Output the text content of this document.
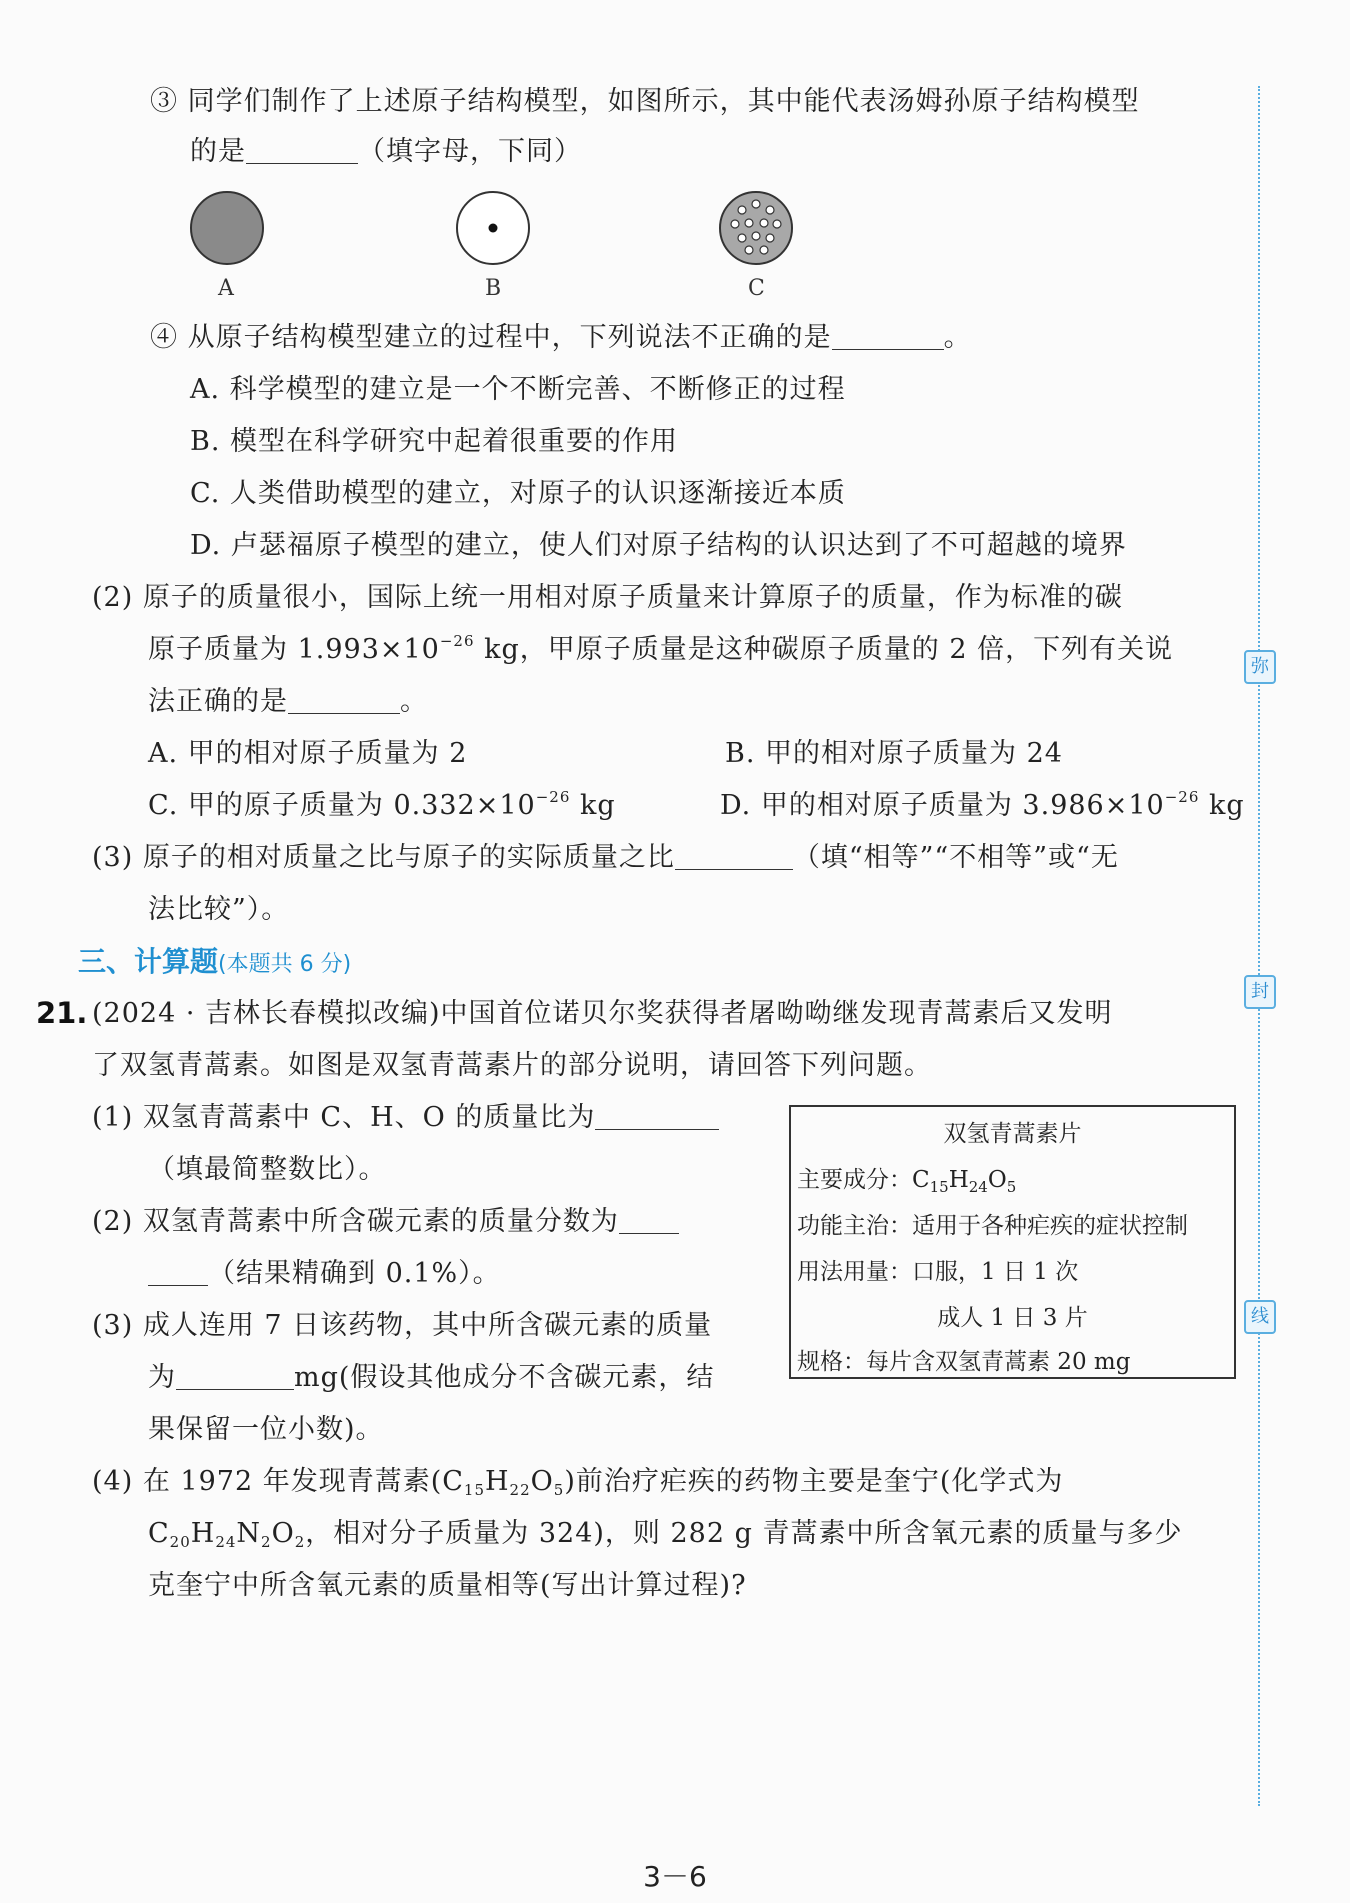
③ 同学们制作了上述原子结构模型，如图所示，其中能代表汤姆孙原子结构模型
的是	（填字母，下同）
A	B	C
④ 从原子结构模型建立的过程中，下列说法不正确的是	。
A. 科学模型的建立是一个不断完善、不断修正的过程
B. 模型在科学研究中起着很重要的作用
C. 人类借助模型的建立，对原子的认识逐渐接近本质
D. 卢瑟福原子模型的建立，使人们对原子结构的认识达到了不可超越的境界
(2) 原子的质量很小，国际上统一用相对原子质量来计算原子的质量，作为标准的碳
原子质量为 $1.993\times 10^{-26}$ kg，甲原子质量是这种碳原子质量的 2 倍，下列有关说
法正确的是	。
A. 甲的相对原子质量为 2	B. 甲的相对原子质量为 24
C. 甲的原子质量为 $0.332\times 10^{-26}$ kg	D. 甲的相对原子质量为 $3.986\times 10^{-26}$ kg
(3) 原子的相对质量之比与原子的实际质量之比	（填“相等”“不相等”或“无
法比较”）。
三、计算题(本题共 6 分)
21. (2024 · 吉林长春模拟改编)中国首位诺贝尔奖获得者屠呦呦继发现青蒿素后又发明
了双氢青蒿素。如图是双氢青蒿素片的部分说明，请回答下列问题。
(1) 双氢青蒿素中 C、H、O 的质量比为
（填最简整数比）。
(2) 双氢青蒿素中所含碳元素的质量分数为
（结果精确到 0.1%）。
(3) 成人连用 7 日该药物，其中所含碳元素的质量
为	mg(假设其他成分不含碳元素，结
果保留一位小数)。
双氢青蒿素片
主要成分：$C_{15}H_{24}O_5$
功能主治：适用于各种疟疾的症状控制
用法用量：口服，1 日 1 次
成人 1 日 3 片
规格：每片含双氢青蒿素 20 mg
(4) 在 1972 年发现青蒿素$(C_{15}H_{22}O_5)$前治疗疟疾的药物主要是奎宁(化学式为
$C_{20}H_{24}N_2O_2$，相对分子质量为 324)，则 282 g 青蒿素中所含氧元素的质量与多少
克奎宁中所含氧元素的质量相等(写出计算过程)?
弥
封
线
3－6
